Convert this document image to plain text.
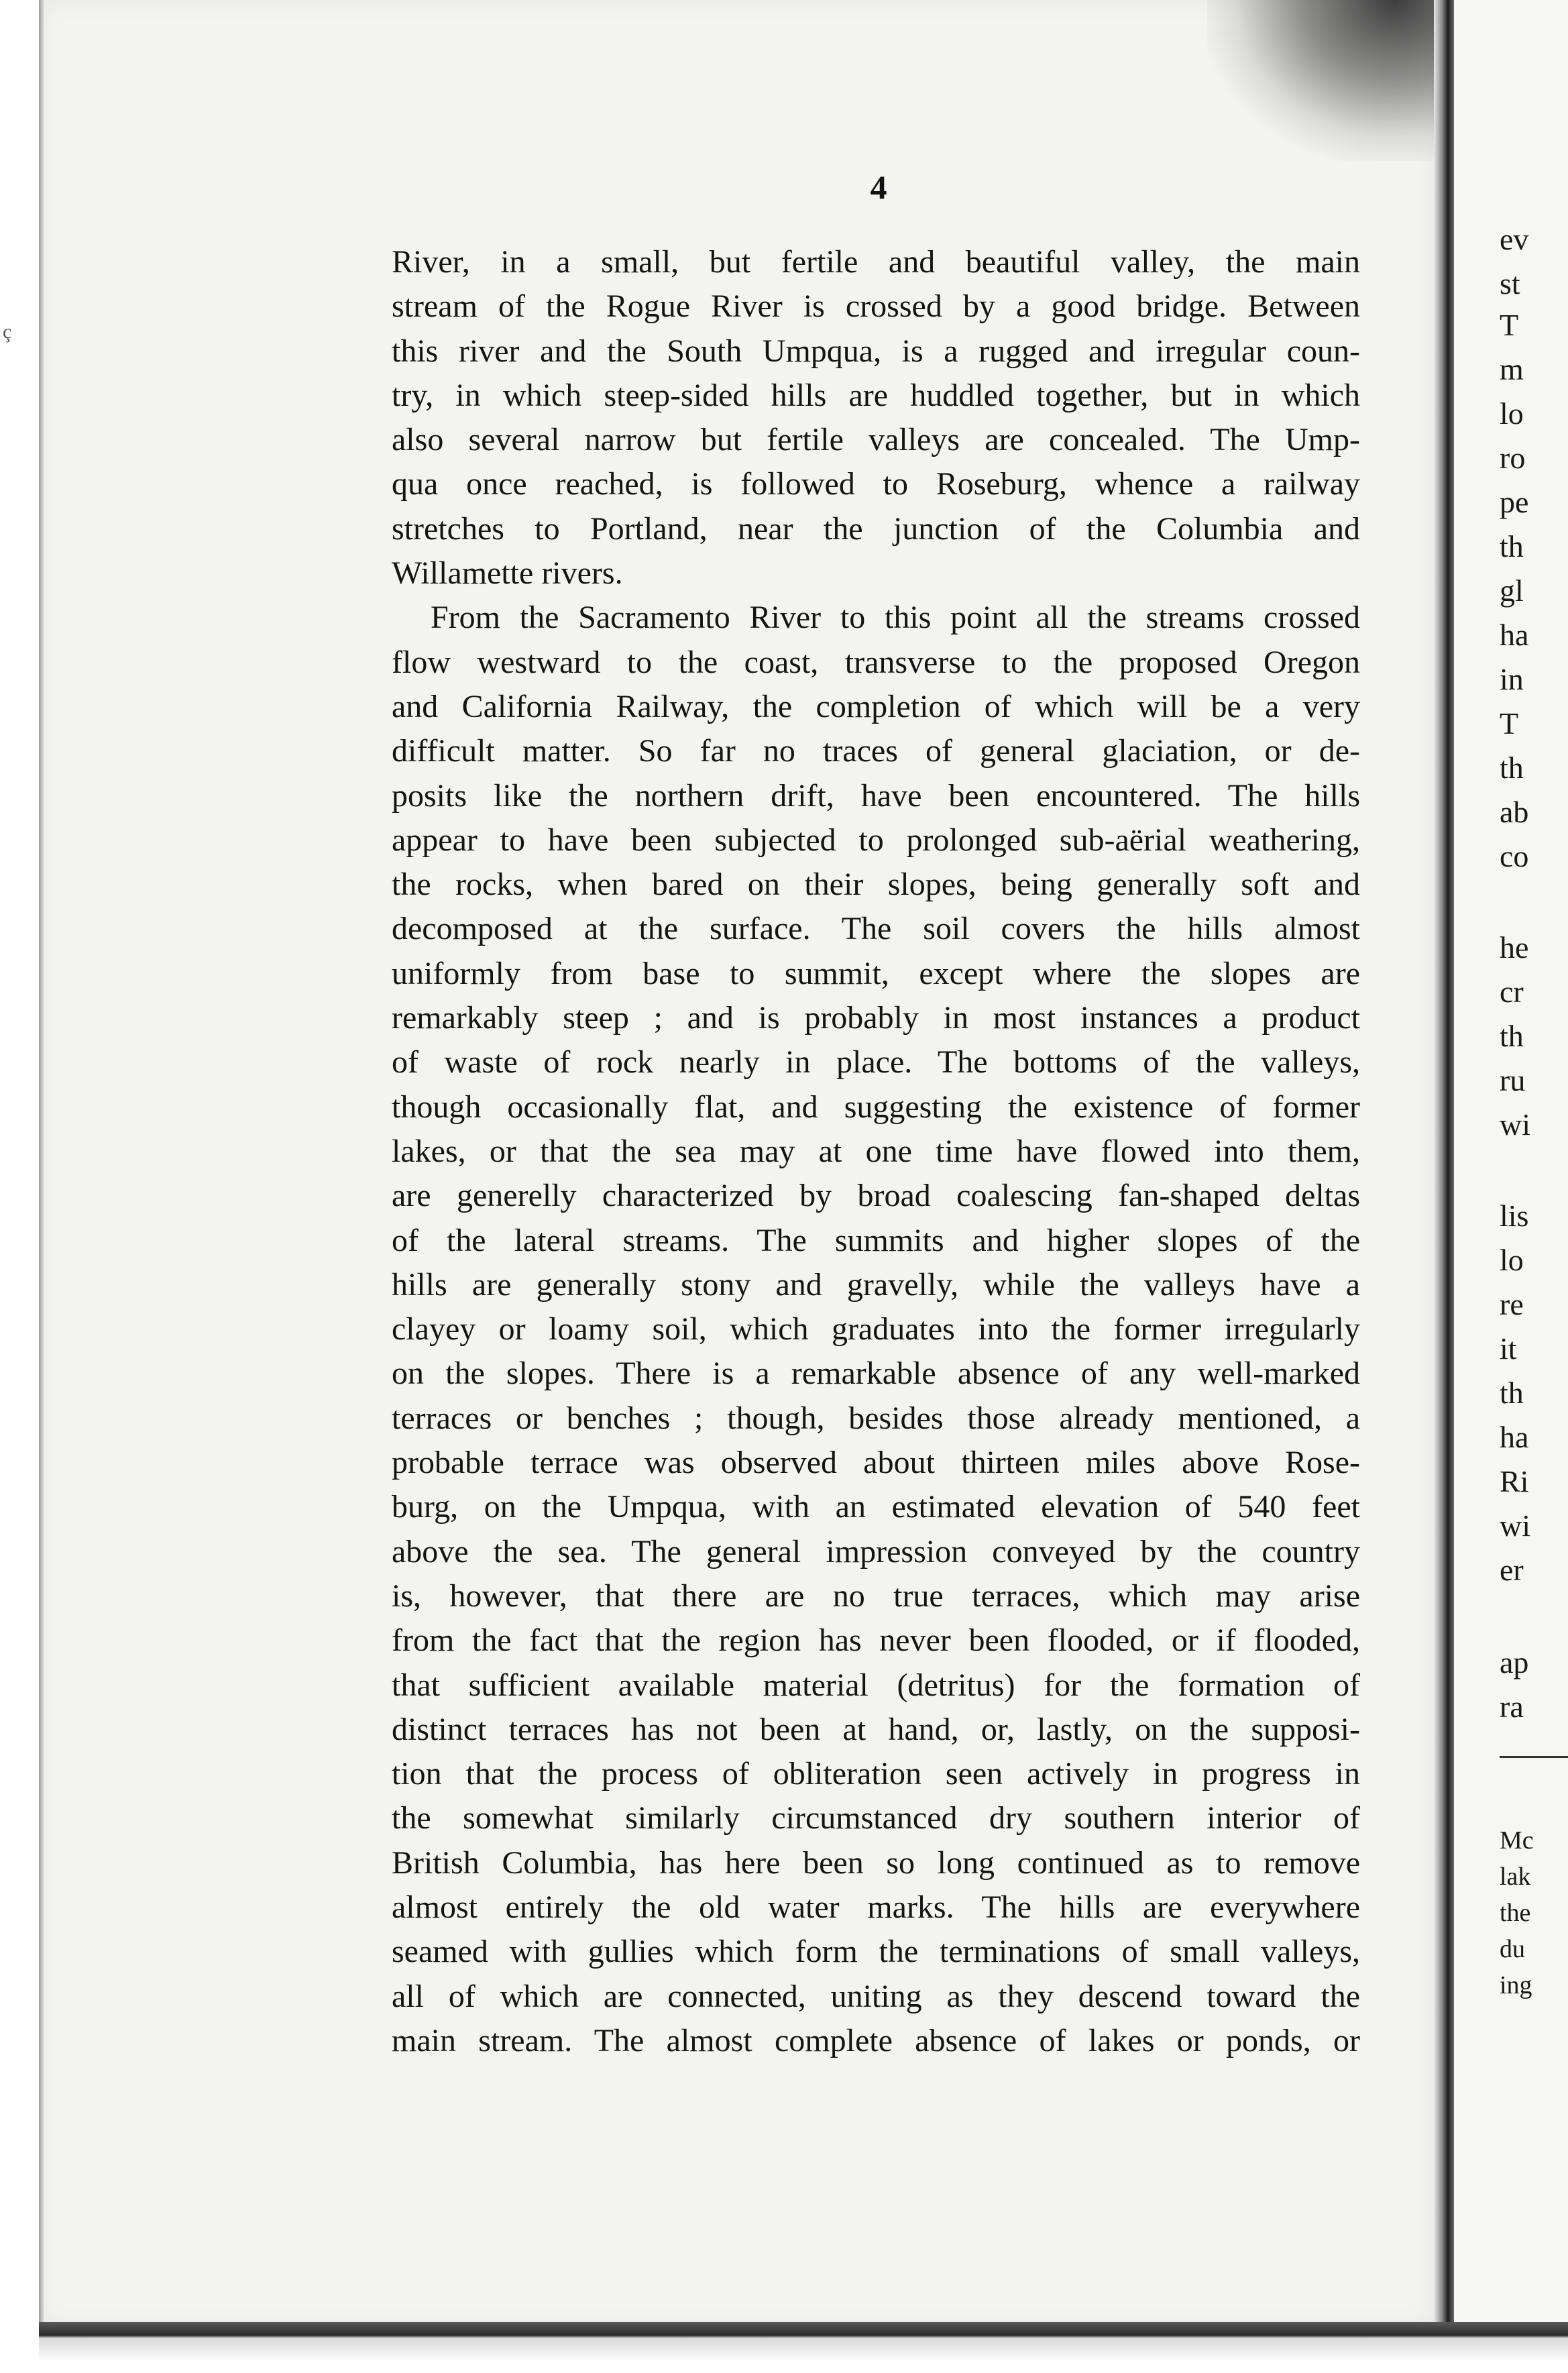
ç
4
River, in a small, but fertile and beautiful valley, the main
stream of the Rogue River is crossed by a good bridge. Between
this river and the South Umpqua, is a rugged and irregular coun-
try, in which steep-sided hills are huddled together, but in which
also several narrow but fertile valleys are concealed. The Ump-
qua once reached, is followed to Roseburg, whence a railway
stretches to Portland, near the junction of the Columbia and
Willamette rivers.
From the Sacramento River to this point all the streams crossed
flow westward to the coast, transverse to the proposed Oregon
and California Railway, the completion of which will be a very
difficult matter. So far no traces of general glaciation, or de-
posits like the northern drift, have been encountered. The hills
appear to have been subjected to prolonged sub-aërial weathering,
the rocks, when bared on their slopes, being generally soft and
decomposed at the surface. The soil covers the hills almost
uniformly from base to summit, except where the slopes are
remarkably steep ; and is probably in most instances a product
of waste of rock nearly in place. The bottoms of the valleys,
though occasionally flat, and suggesting the existence of former
lakes, or that the sea may at one time have flowed into them,
are generelly characterized by broad coalescing fan-shaped deltas
of the lateral streams. The summits and higher slopes of the
hills are generally stony and gravelly, while the valleys have a
clayey or loamy soil, which graduates into the former irregularly
on the slopes. There is a remarkable absence of any well-marked
terraces or benches ; though, besides those already mentioned, a
probable terrace was observed about thirteen miles above Rose-
burg, on the Umpqua, with an estimated elevation of 540 feet
above the sea. The general impression conveyed by the country
is, however, that there are no true terraces, which may arise
from the fact that the region has never been flooded, or if flooded,
that sufficient available material (detritus) for the formation of
distinct terraces has not been at hand, or, lastly, on the supposi-
tion that the process of obliteration seen actively in progress in
the somewhat similarly circumstanced dry southern interior of
British Columbia, has here been so long continued as to remove
almost entirely the old water marks. The hills are everywhere
seamed with gullies which form the terminations of small valleys,
all of which are connected, uniting as they descend toward the
main stream. The almost complete absence of lakes or ponds, or
ev
st
T
m
lo
ro
pe
th
gl
ha
in
T
th
ab
co
he
cr
th
ru
wi
lis
lo
re
it
th
ha
Ri
wi
er
ap
ra
Mc
lak
the
du
ing
